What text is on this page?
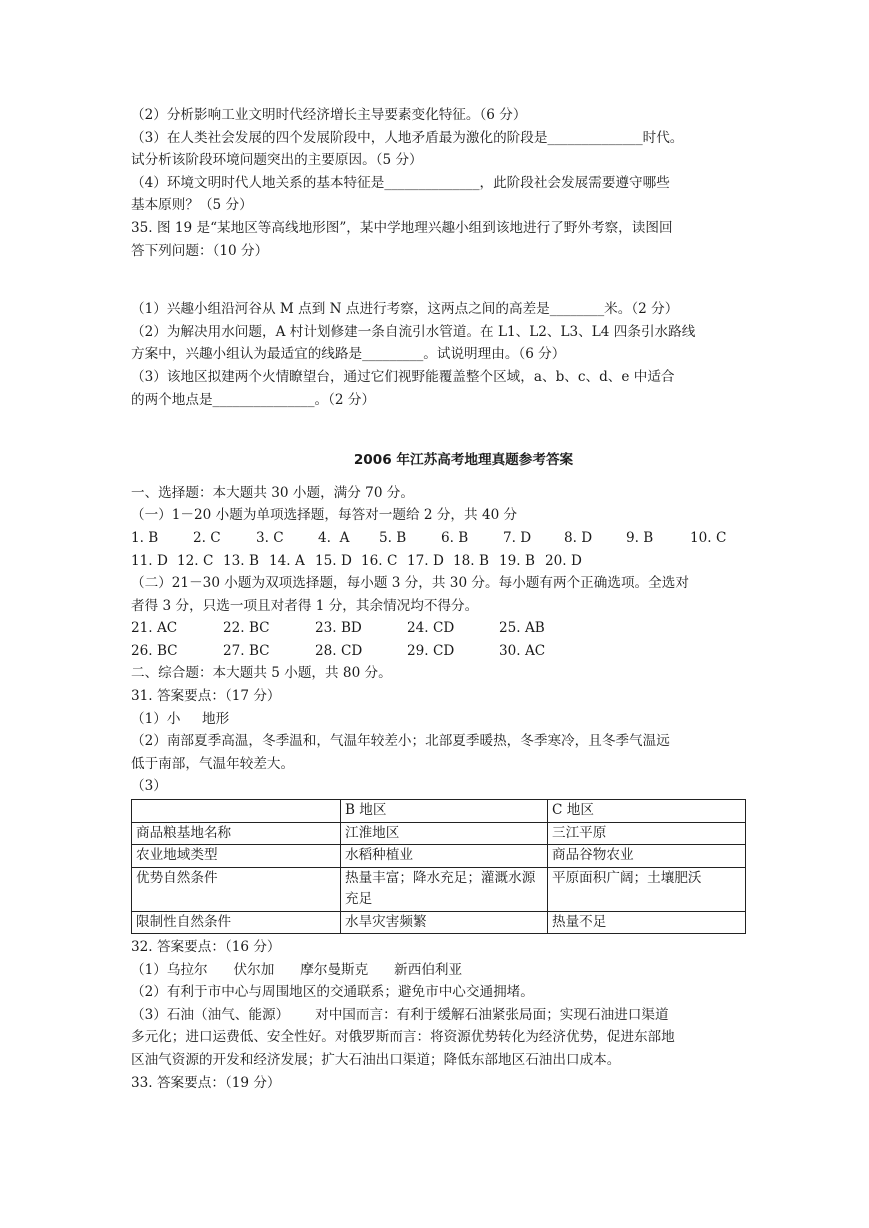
（2）分析影响工业文明时代经济增长主导要素变化特征。（6 分）

（3）在人类社会发展的四个发展阶段中，人地矛盾最为激化的阶段是______________时代。

试分析该阶段环境问题突出的主要原因。（5 分）

（4）环境文明时代人地关系的基本特征是______________，此阶段社会发展需要遵守哪些

基本原则？（5 分）

35. 图 19 是“某地区等高线地形图”，某中学地理兴趣小组到该地进行了野外考察，读图回

答下列问题：（10 分）

（1）兴趣小组沿河谷从 M 点到 N 点进行考察，这两点之间的高差是________米。（2 分）

（2）为解决用水问题，A 村计划修建一条自流引水管道。在 L1、L2、L3、L4 四条引水路线

方案中，兴趣小组认为最适宜的线路是_________。试说明理由。（6 分）

（3）该地区拟建两个火情瞭望台，通过它们视野能覆盖整个区域，a、b、c、d、e 中适合

的两个地点是_______________。（2 分）

2006 年江苏高考地理真题参考答案

一、选择题：本大题共 30 小题，满分 70 分。

（一）1－20 小题为单项选择题，每答对一题给 2 分，共 40 分

1. B	2. C	3. C	4.  A	5. B	6. B	7. D	8. D	9. B	10. C
11. D 12. C 13. B 14. A 15. D 16. C 17. D 18. B 19. B 20. D

（二）21－30 小题为双项选择题，每小题 3 分，共 30 分。每小题有两个正确选项。全选对

者得 3 分，只选一项且对者得 1 分，其余情况均不得分。

21. AC	22. BC	23. BD	24. CD	25. AB
26. BC	27. BC	28. CD	29. CD	30. AC

二、综合题：本大题共 5 小题，共 80 分。

31. 答案要点：（17 分）

（1）小     地形

（2）南部夏季高温，冬季温和，气温年较差小；北部夏季暖热，冬季寒冷，且冬季气温远

低于南部，气温年较差大。

（3）

	B 地区	C 地区
商品粮基地名称	江淮地区	三江平原
农业地域类型	水稻种植业	商品谷物农业
优势自然条件	热量丰富；降水充足；灌溉水源充足	平原面积广阔；土壤肥沃
限制性自然条件	水旱灾害频繁	热量不足

32. 答案要点：（16 分）

（1）乌拉尔      伏尔加      摩尔曼斯克      新西伯利亚

（2）有利于市中心与周围地区的交通联系；避免市中心交通拥堵。

（3）石油（油气、能源）      对中国而言：有利于缓解石油紧张局面；实现石油进口渠道

多元化；进口运费低、安全性好。对俄罗斯而言：将资源优势转化为经济优势，促进东部地

区油气资源的开发和经济发展；扩大石油出口渠道；降低东部地区石油出口成本。

33. 答案要点：（19 分）
